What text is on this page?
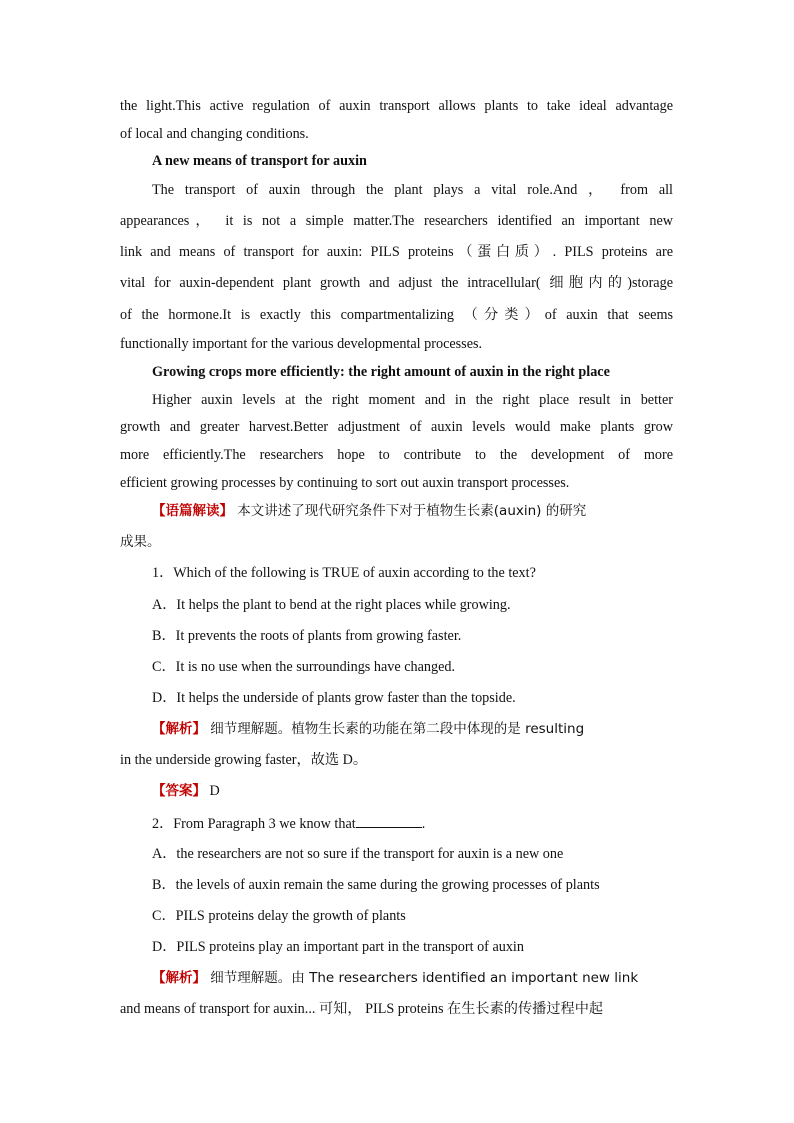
the light.This active regulation of auxin transport allows plants to take ideal advantage
of local and changing conditions.
A new means of transport for auxin
The transport of auxin through the plant plays a vital role.And ， from all
appearances， it is not a simple matter.The researchers identified an important new
link and means of transport for auxin: PILS proteins（蛋白质）. PILS proteins are
vital for auxin-dependent plant growth and adjust the intracellular( 细胞内的)storage
of the hormone.It is exactly this compartmentalizing （分类）of auxin that seems
functionally important for the various developmental processes.
Growing crops more efficiently: the right amount of auxin in the right place
Higher auxin levels at the right moment and in the right place result in better
growth and greater harvest.Better adjustment of auxin levels would make plants grow
more efficiently.The researchers hope to contribute to the development of more
efficient growing processes by continuing to sort out auxin transport processes.
【语篇解读】 本文讲述了现代研究条件下对于植物生长素(auxin) 的研究
成果。
1．Which of the following is TRUE of auxin according to the text?
A．It helps the plant to bend at the right places while growing.
B．It prevents the roots of plants from growing faster.
C．It is no use when the surroundings have changed.
D．It helps the underside of plants grow faster than the topside.
【解析】 细节理解题。植物生长素的功能在第二段中体现的是 resulting
in the underside growing faster，故选 D。
【答案】 D
2．From Paragraph 3 we know that	.
A．the researchers are not so sure if the transport for auxin is a new one
B．the levels of auxin remain the same during the growing processes of plants
C．PILS proteins delay the growth of plants
D．PILS proteins play an important part in the transport of auxin
【解析】 细节理解题。由 The researchers identified an important new link
and means of transport for auxin... 可知， PILS proteins 在生长素的传播过程中起
